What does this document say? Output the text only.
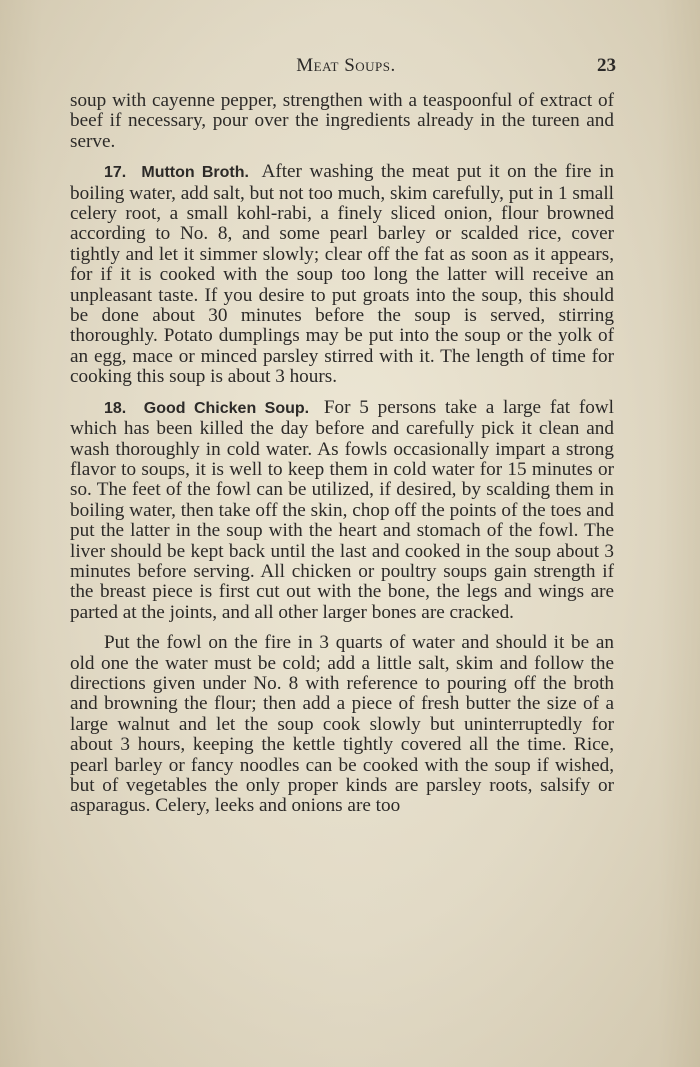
Meat Soups.	23

soup with cayenne pepper, strengthen with a teaspoonful of extract of beef if necessary, pour over the ingredients already in the tureen and serve.

17. Mutton Broth. After washing the meat put it on the fire in boiling water, add salt, but not too much, skim carefully, put in 1 small celery root, a small kohl-rabi, a finely sliced onion, flour browned according to No. 8, and some pearl barley or scalded rice, cover tightly and let it simmer slowly; clear off the fat as soon as it appears, for if it is cooked with the soup too long the latter will receive an unpleasant taste. If you desire to put groats into the soup, this should be done about 30 minutes before the soup is served, stirring thoroughly. Potato dumplings may be put into the soup or the yolk of an egg, mace or minced parsley stirred with it. The length of time for cooking this soup is about 3 hours.

18. Good Chicken Soup. For 5 persons take a large fat fowl which has been killed the day before and carefully pick it clean and wash thoroughly in cold water. As fowls occasionally impart a strong flavor to soups, it is well to keep them in cold water for 15 minutes or so. The feet of the fowl can be utilized, if desired, by scalding them in boiling water, then take off the skin, chop off the points of the toes and put the latter in the soup with the heart and stomach of the fowl. The liver should be kept back until the last and cooked in the soup about 3 minutes before serving. All chicken or poultry soups gain strength if the breast piece is first cut out with the bone, the legs and wings are parted at the joints, and all other larger bones are cracked.

Put the fowl on the fire in 3 quarts of water and should it be an old one the water must be cold; add a little salt, skim and follow the directions given under No. 8 with reference to pouring off the broth and browning the flour; then add a piece of fresh butter the size of a large walnut and let the soup cook slowly but uninterruptedly for about 3 hours, keeping the kettle tightly covered all the time. Rice, pearl barley or fancy noodles can be cooked with the soup if wished, but of vegetables the only proper kinds are parsley roots, salsify or asparagus. Celery, leeks and onions are too
